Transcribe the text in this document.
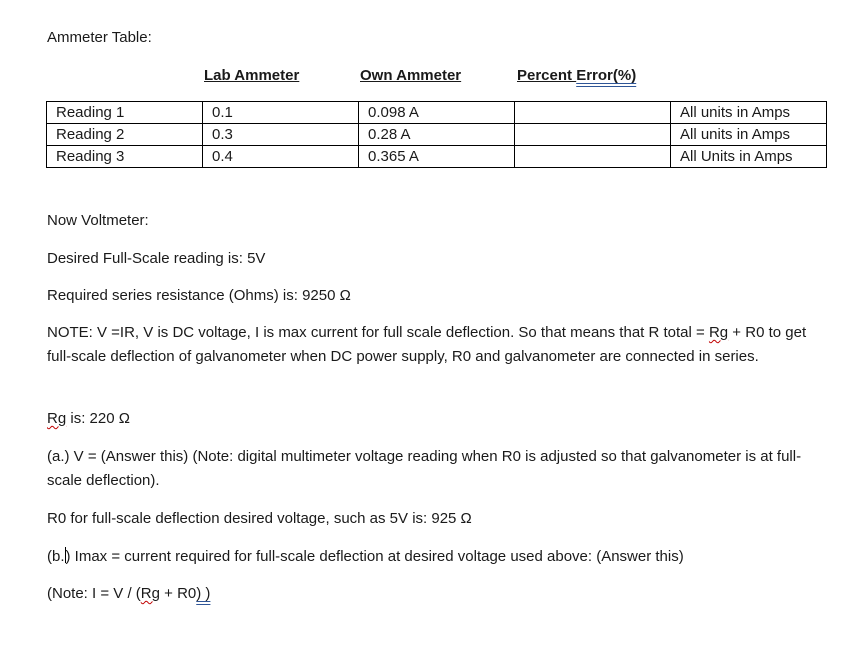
Ammeter Table:
Lab Ammeter	Own Ammeter	Percent Error(%)
Reading 1	0.1	0.098 A		All units in Amps
Reading 2	0.3	0.28 A		All units in Amps
Reading 3	0.4	0.365 A		All Units in Amps
Now Voltmeter:
Desired Full-Scale reading is: 5V
Required series resistance (Ohms) is: 9250 Ω
NOTE: V =IR, V is DC voltage, I is max current for full scale deflection. So that means that R total = Rg + R0 to get full-scale deflection of galvanometer when DC power supply, R0 and galvanometer are connected in series.
Rg is: 220 Ω
(a.) V = (Answer this) (Note: digital multimeter voltage reading when R0 is adjusted so that galvanometer is at full-scale deflection).
R0 for full-scale deflection desired voltage, such as 5V is: 925 Ω
(b.) Imax = current required for full-scale deflection at desired voltage used above: (Answer this)
(Note: I = V / (Rg + R0) )
